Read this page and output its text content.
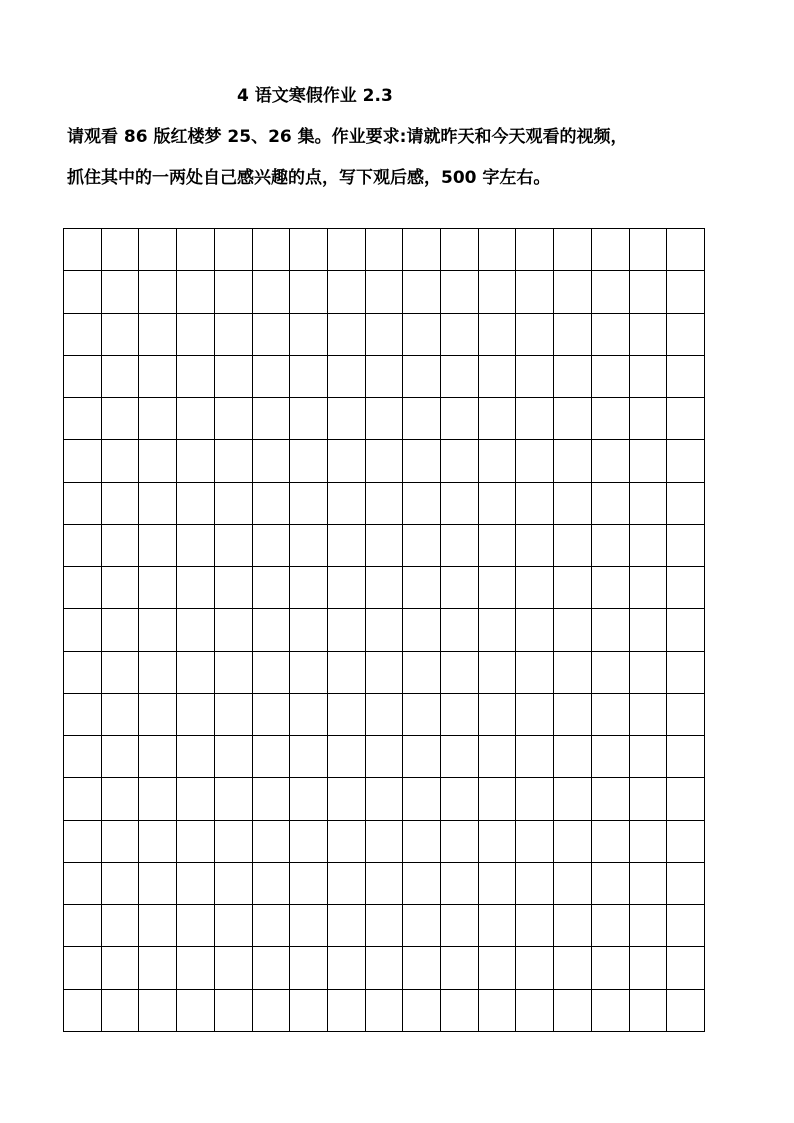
4 语文寒假作业 2.3
请观看 86 版红楼梦 25、26 集。作业要求:请就昨天和今天观看的视频，
抓住其中的一两处自己感兴趣的点，写下观后感，500 字左右。
